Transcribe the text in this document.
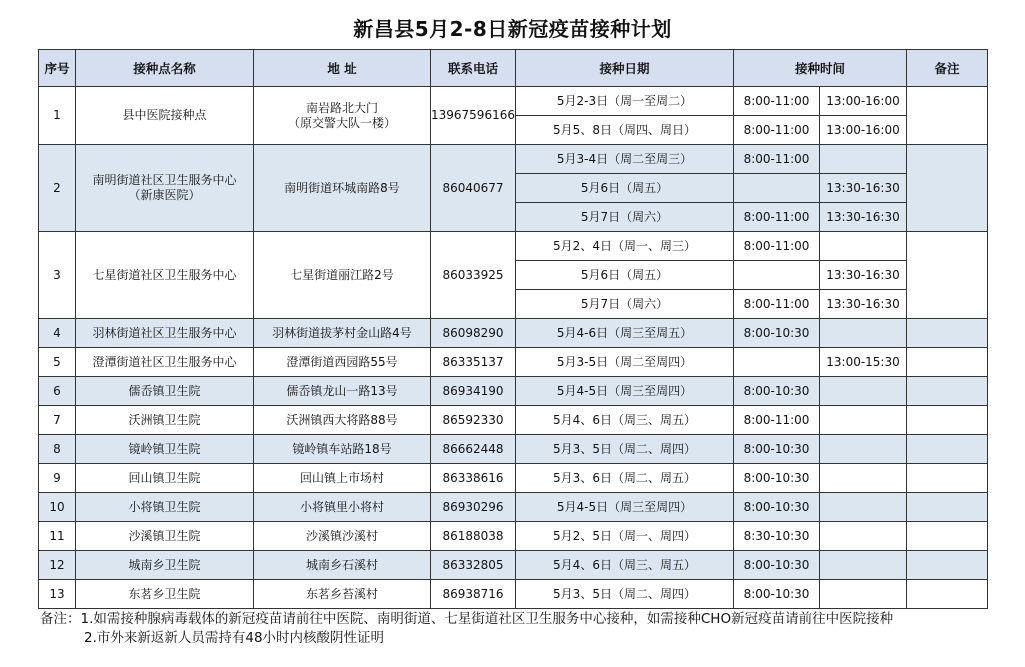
新昌县5月2-8日新冠疫苗接种计划
序号	接种点名称	地 址	联系电话	接种日期	接种时间		备注
1	县中医院接种点	南岩路北大门
（原交警大队一楼）	13967596166	5月2-3日（周一至周二）	8:00-11:00	13:00-16:00	
				5月5、8日（周四、周日）	8:00-11:00	13:00-16:00	
2	南明街道社区卫生服务中心
（新康医院）	南明街道环城南路8号	86040677	5月3-4日（周二至周三）	8:00-11:00		
				5月6日（周五）		13:30-16:30	
				5月7日（周六）	8:00-11:00	13:30-16:30	
3	七星街道社区卫生服务中心	七星街道丽江路2号	86033925	5月2、4日（周一、周三）	8:00-11:00		
				5月6日（周五）		13:30-16:30	
				5月7日（周六）	8:00-11:00	13:30-16:30	
4	羽林街道社区卫生服务中心	羽林街道拔茅村金山路4号	86098290	5月4-6日（周三至周五）	8:00-10:30		
5	澄潭街道社区卫生服务中心	澄潭街道西园路55号	86335137	5月3-5日（周二至周四）		13:00-15:30	
6	儒岙镇卫生院	儒岙镇龙山一路13号	86934190	5月4-5日（周三至周四）	8:00-10:30		
7	沃洲镇卫生院	沃洲镇西大将路88号	86592330	5月4、6日（周三、周五）	8:00-11:00		
8	镜岭镇卫生院	镜岭镇车站路18号	86662448	5月3、5日（周二、周四）	8:00-10:30		
9	回山镇卫生院	回山镇上市场村	86338616	5月3、6日（周二、周五）	8:00-10:30		
10	小将镇卫生院	小将镇里小将村	86930296	5月4-5日（周三至周四）	8:00-10:30		
11	沙溪镇卫生院	沙溪镇沙溪村	86188038	5月2、5日（周一、周四）	8:30-10:30		
12	城南乡卫生院	城南乡石溪村	86332805	5月4、6日（周三、周五）	8:00-10:30		
13	东茗乡卫生院	东茗乡苔溪村	86938716	5月3、5日（周二、周四）	8:00-10:30		
备注：1.如需接种腺病毒载体的新冠疫苗请前往中医院、南明街道、七星街道社区卫生服务中心接种，如需接种CHO新冠疫苗请前往中医院接种
2.市外来新返新人员需持有48小时内核酸阴性证明
